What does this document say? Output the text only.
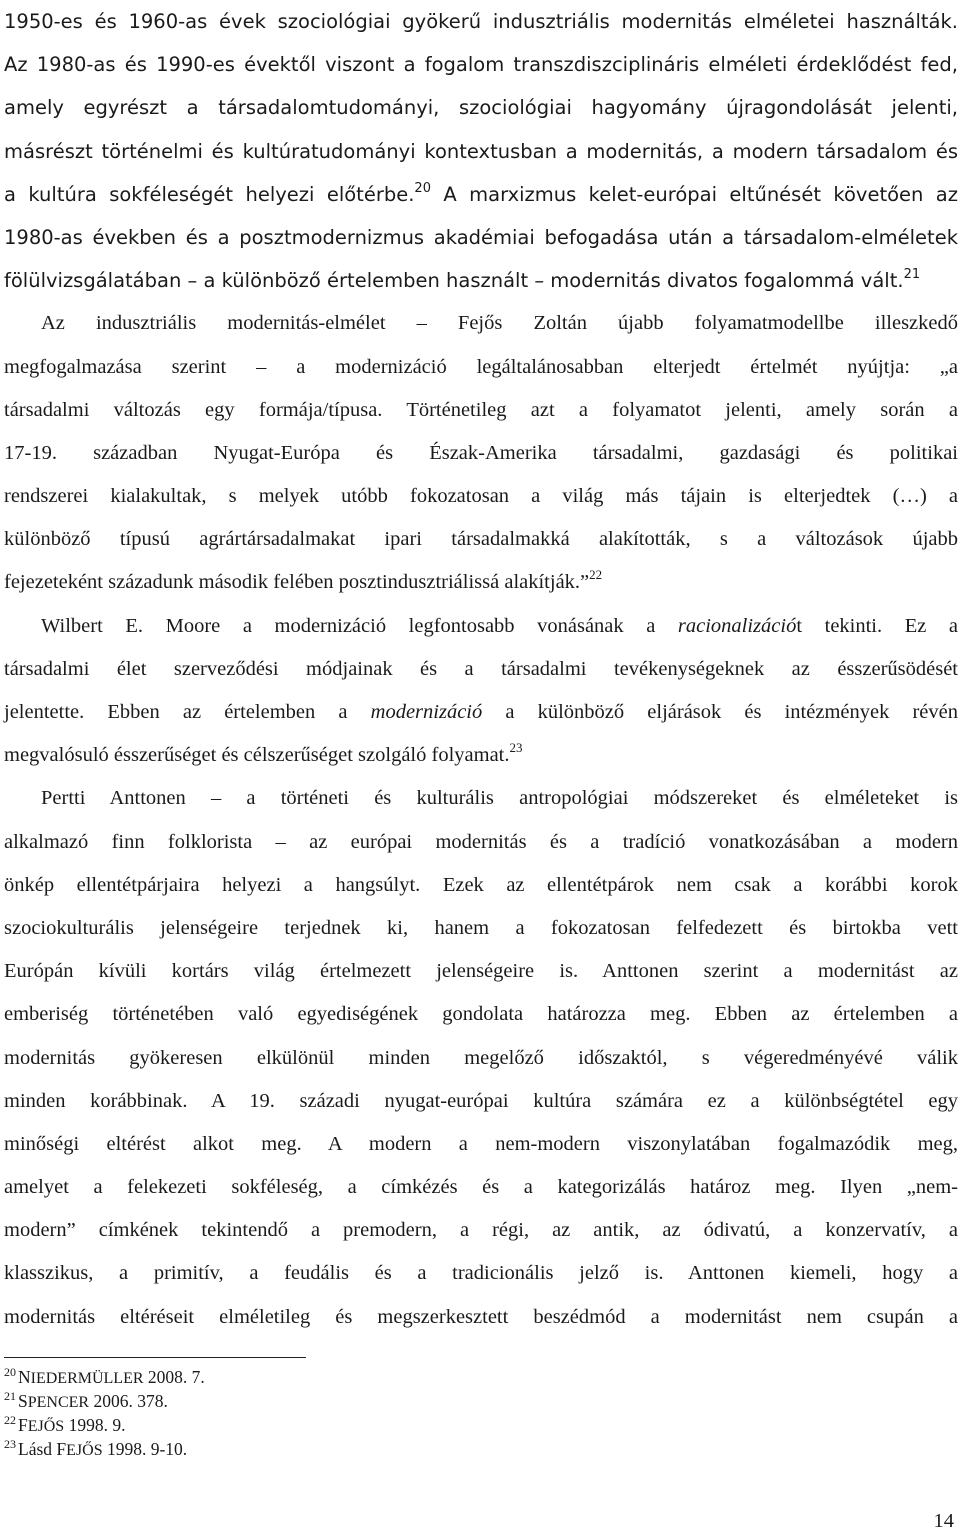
1950-es és 1960-as évek szociológiai gyökerű indusztriális modernitás elméletei használták.
Az 1980-as és 1990-es évektől viszont a fogalom transzdiszciplináris elméleti érdeklődést fed,
amely egyrészt a társadalomtudományi, szociológiai hagyomány újragondolását jelenti,
másrészt történelmi és kultúratudományi kontextusban a modernitás, a modern társadalom és
a kultúra sokféleségét helyezi előtérbe.$^{20}$ A marxizmus kelet-európai eltűnését követően az
1980-as években és a posztmodernizmus akadémiai befogadása után a társadalom-elméletek
fölülvizsgálatában – a különböző értelemben használt – modernitás divatos fogalommá vált.$^{21}$
Az indusztriális modernitás-elmélet – Fejős Zoltán újabb folyamatmodellbe illeszkedő
megfogalmazása szerint – a modernizáció legáltalánosabban elterjedt értelmét nyújtja: „a
társadalmi változás egy formája/típusa. Történetileg azt a folyamatot jelenti, amely során a
17-19. században Nyugat-Európa és Észak-Amerika társadalmi, gazdasági és politikai
rendszerei kialakultak, s melyek utóbb fokozatosan a világ más tájain is elterjedtek (…) a
különböző típusú agrártársadalmakat ipari társadalmakká alakították, s a változások újabb
fejezeteként századunk második felében posztindusztriálissá alakítják.”$^{22}$
Wilbert E. Moore a modernizáció legfontosabb vonásának a racionalizációt tekinti. Ez a
társadalmi élet szerveződési módjainak és a társadalmi tevékenységeknek az ésszerűsödését
jelentette. Ebben az értelemben a modernizáció a különböző eljárások és intézmények révén
megvalósuló ésszerűséget és célszerűséget szolgáló folyamat.$^{23}$
Pertti Anttonen – a történeti és kulturális antropológiai módszereket és elméleteket is
alkalmazó finn folklorista – az európai modernitás és a tradíció vonatkozásában a modern
önkép ellentétpárjaira helyezi a hangsúlyt. Ezek az ellentétpárok nem csak a korábbi korok
szociokulturális jelenségeire terjednek ki, hanem a fokozatosan felfedezett és birtokba vett
Európán kívüli kortárs világ értelmezett jelenségeire is. Anttonen szerint a modernitást az
emberiség történetében való egyediségének gondolata határozza meg. Ebben az értelemben a
modernitás gyökeresen elkülönül minden megelőző időszaktól, s végeredményévé válik
minden korábbinak. A 19. századi nyugat-európai kultúra számára ez a különbségtétel egy
minőségi eltérést alkot meg. A modern a nem-modern viszonylatában fogalmazódik meg,
amelyet a felekezeti sokféleség, a címkézés és a kategorizálás határoz meg. Ilyen „nem-
modern” címkének tekintendő a premodern, a régi, az antik, az ódivatú, a konzervatív, a
klasszikus, a primitív, a feudális és a tradicionális jelző is. Anttonen kiemeli, hogy a
modernitás eltéréseit elméletileg és megszerkesztett beszédmód a modernitást nem csupán a
$^{20}$ NIEDERMÜLLER 2008. 7.
$^{21}$ SPENCER 2006. 378.
$^{22}$ FEJŐS 1998. 9.
$^{23}$ Lásd FEJŐS 1998. 9-10.
14
